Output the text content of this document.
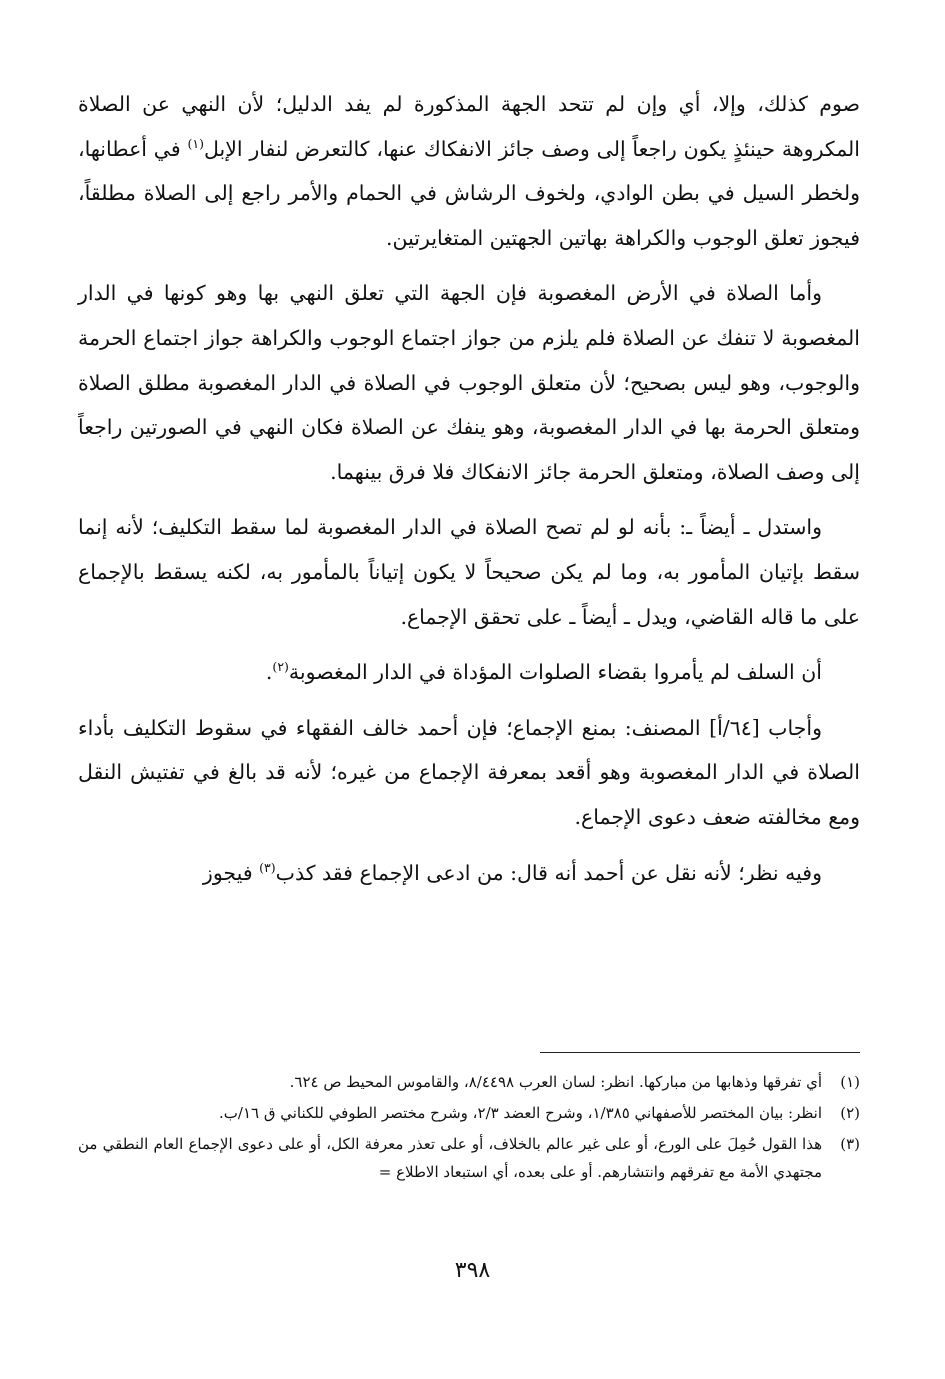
صوم كذلك، وإلا، أي وإن لم تتحد الجهة المذكورة لم يفد الدليل؛ لأن النهي عن الصلاة المكروهة حينئذٍ يكون راجعاً إلى وصف جائز الانفكاك عنها، كالتعرض لنفار الإبل$^{(١)}$ في أعطانها، ولخطر السيل في بطن الوادي، ولخوف الرشاش في الحمام والأمر راجع إلى الصلاة مطلقاً، فيجوز تعلق الوجوب والكراهة بهاتين الجهتين المتغايرتين.

وأما الصلاة في الأرض المغصوبة فإن الجهة التي تعلق النهي بها وهو كونها في الدار المغصوبة لا تنفك عن الصلاة فلم يلزم من جواز اجتماع الوجوب والكراهة جواز اجتماع الحرمة والوجوب، وهو ليس بصحيح؛ لأن متعلق الوجوب في الصلاة في الدار المغصوبة مطلق الصلاة ومتعلق الحرمة بها في الدار المغصوبة، وهو ينفك عن الصلاة فكان النهي في الصورتين راجعاً إلى وصف الصلاة، ومتعلق الحرمة جائز الانفكاك فلا فرق بينهما.

واستدل ـ أيضاً ـ: بأنه لو لم تصح الصلاة في الدار المغصوبة لما سقط التكليف؛ لأنه إنما سقط بإتيان المأمور به، وما لم يكن صحيحاً لا يكون إتياناً بالمأمور به، لكنه يسقط بالإجماع على ما قاله القاضي، ويدل ـ أيضاً ـ على تحقق الإجماع.

أن السلف لم يأمروا بقضاء الصلوات المؤداة في الدار المغصوبة$^{(٢)}$.

وأجاب [٦٤/أ] المصنف: بمنع الإجماع؛ فإن أحمد خالف الفقهاء في سقوط التكليف بأداء الصلاة في الدار المغصوبة وهو أقعد بمعرفة الإجماع من غيره؛ لأنه قد بالغ في تفتيش النقل ومع مخالفته ضعف دعوى الإجماع.

وفيه نظر؛ لأنه نقل عن أحمد أنه قال: من ادعى الإجماع فقد كذب$^{(٣)}$ فيجوز

(١)
أي تفرقها وذهابها من مباركها. انظر: لسان العرب ٨/٤٤٩٨، والقاموس المحيط ص ٦٢٤.
(٢)
انظر: بيان المختصر للأصفهاني ١/٣٨٥، وشرح العضد ٢/٣، وشرح مختصر الطوفي للكناني ق ١٦/ب.
(٣)
هذا القول حُمِلَ على الورع، أو على غير عالم بالخلاف، أو على تعذر معرفة الكل، أو على دعوى الإجماع العام النطقي من مجتهدي الأمة مع تفرقهم وانتشارهم. أو على بعده، أي استبعاد الاطلاع =
٣٩٨
